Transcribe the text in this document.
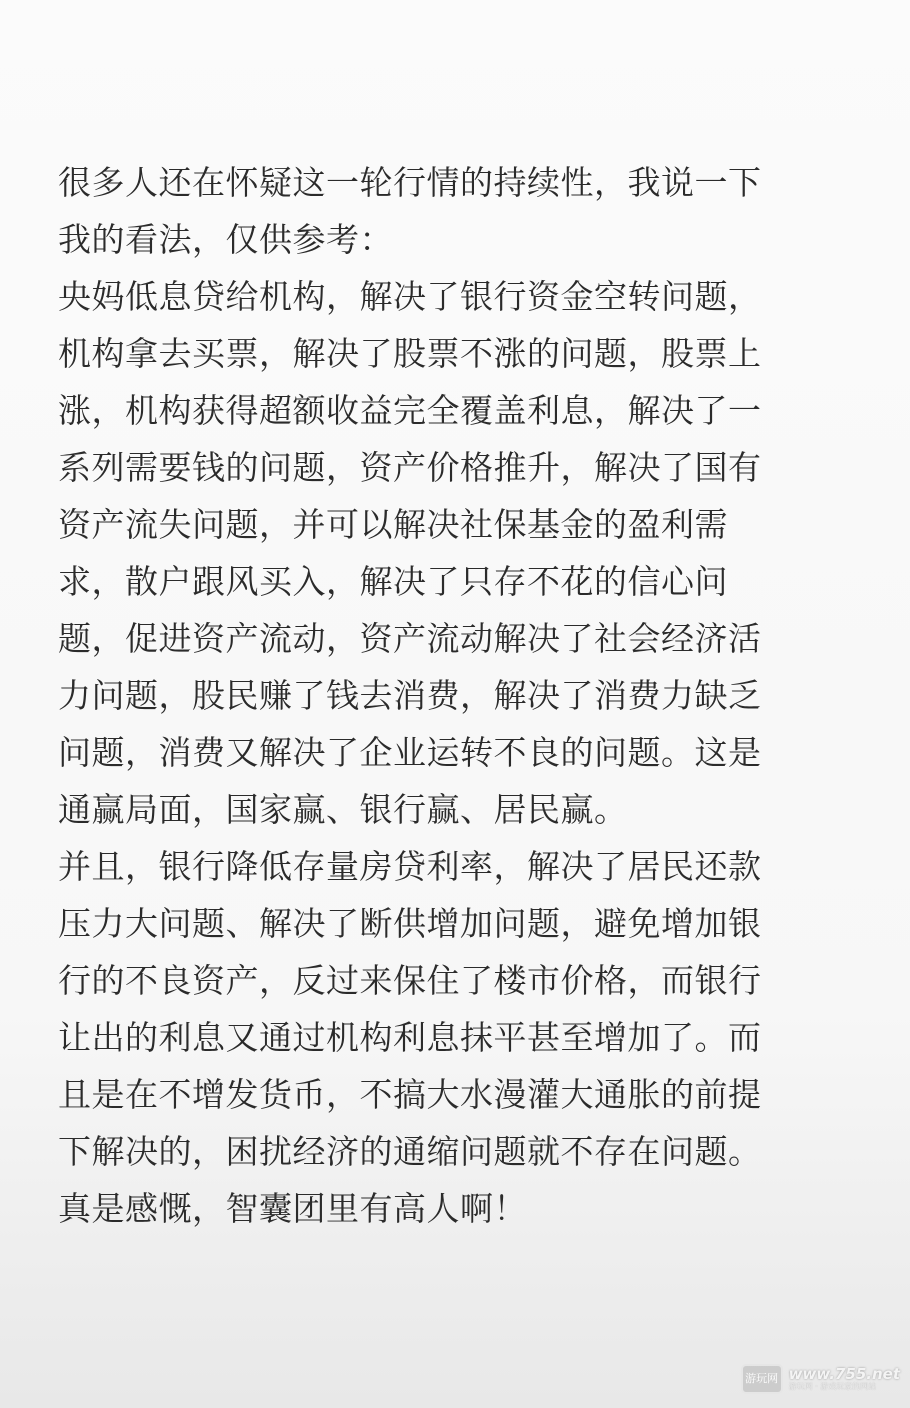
很多人还在怀疑这一轮行情的持续性，我说一下
我的看法，仅供参考：
央妈低息贷给机构，解决了银行资金空转问题，
机构拿去买票，解决了股票不涨的问题，股票上
涨，机构获得超额收益完全覆盖利息，解决了一
系列需要钱的问题，资产价格推升，解决了国有
资产流失问题，并可以解决社保基金的盈利需
求，散户跟风买入，解决了只存不花的信心问
题，促进资产流动，资产流动解决了社会经济活
力问题，股民赚了钱去消费，解决了消费力缺乏
问题，消费又解决了企业运转不良的问题。这是
通赢局面，国家赢、银行赢、居民赢。
并且，银行降低存量房贷利率，解决了居民还款
压力大问题、解决了断供增加问题，避免增加银
行的不良资产，反过来保住了楼市价格，而银行
让出的利息又通过机构利息抹平甚至增加了。而
且是在不增发货币，不搞大水漫灌大通胀的前提
下解决的，困扰经济的通缩问题就不存在问题。
真是感慨，智囊团里有高人啊！
游玩网 www.755.net
游玩网 · 游戏玩家的网站
